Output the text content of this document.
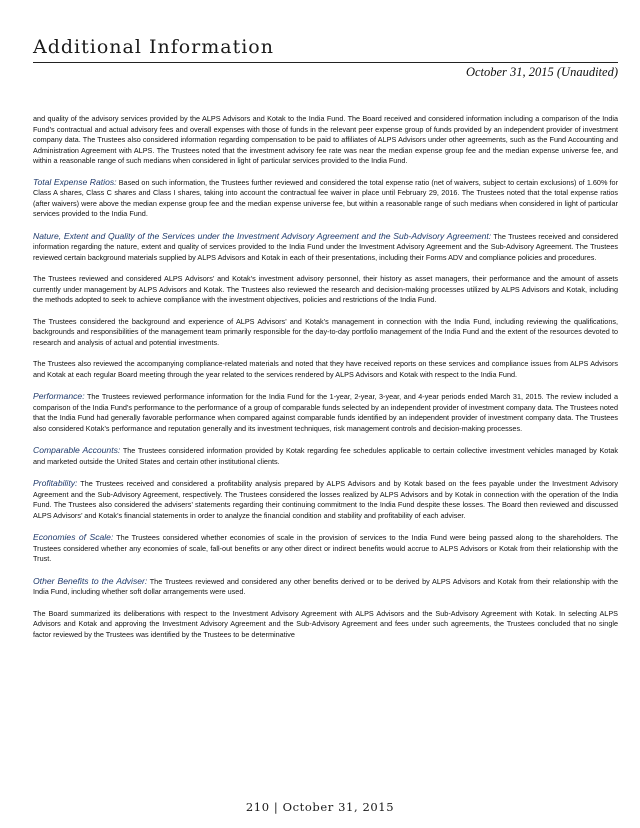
Additional Information
October 31, 2015 (Unaudited)

and quality of the advisory services provided by the ALPS Advisors and Kotak to the India Fund. The Board received and considered information including a comparison of the India Fund’s contractual and actual advisory fees and overall expenses with those of funds in the relevant peer expense group of funds provided by an independent provider of investment company data. The Trustees also considered information regarding compensation to be paid to affiliates of ALPS Advisors under other agreements, such as the Fund Accounting and Administration Agreement with ALPS. The Trustees noted that the investment advisory fee rate was near the median expense group fee and the median expense universe fee, and within a reasonable range of such medians when considered in light of particular services provided to the India Fund.

Total Expense Ratios: Based on such information, the Trustees further reviewed and considered the total expense ratio (net of waivers, subject to certain exclusions) of 1.60% for Class A shares, Class C shares and Class I shares, taking into account the contractual fee waiver in place until February 29, 2016. The Trustees noted that the total expense ratios (after waivers) were above the median expense group fee and the median expense universe fee, but within a reasonable range of such medians when considered in light of particular services provided to the India Fund.

Nature, Extent and Quality of the Services under the Investment Advisory Agreement and the Sub-Advisory Agreement: The Trustees received and considered information regarding the nature, extent and quality of services provided to the India Fund under the Investment Advisory Agreement and the Sub-Advisory Agreement. The Trustees reviewed certain background materials supplied by ALPS Advisors and Kotak in each of their presentations, including their Forms ADV and compliance policies and procedures.

The Trustees reviewed and considered ALPS Advisors’ and Kotak’s investment advisory personnel, their history as asset managers, their performance and the amount of assets currently under management by ALPS Advisors and Kotak. The Trustees also reviewed the research and decision-making processes utilized by ALPS Advisors and Kotak, including the methods adopted to seek to achieve compliance with the investment objectives, policies and restrictions of the India Fund.

The Trustees considered the background and experience of ALPS Advisors’ and Kotak’s management in connection with the India Fund, including reviewing the qualifications, backgrounds and responsibilities of the management team primarily responsible for the day-to-day portfolio management of the India Fund and the extent of the resources devoted to research and analysis of actual and potential investments.

The Trustees also reviewed the accompanying compliance-related materials and noted that they have received reports on these services and compliance issues from ALPS Advisors and Kotak at each regular Board meeting through the year related to the services rendered by ALPS Advisors and Kotak with respect to the India Fund.

Performance: The Trustees reviewed performance information for the India Fund for the 1-year, 2-year, 3-year, and 4-year periods ended March 31, 2015. The review included a comparison of the India Fund’s performance to the performance of a group of comparable funds selected by an independent provider of investment company data. The Trustees noted that the India Fund had generally favorable performance when compared against comparable funds identified by an independent provider of investment company data. The Trustees also considered Kotak’s performance and reputation generally and its investment techniques, risk management controls and decision-making processes.

Comparable Accounts: The Trustees considered information provided by Kotak regarding fee schedules applicable to certain collective investment vehicles managed by Kotak and marketed outside the United States and certain other institutional clients.

Profitability: The Trustees received and considered a profitability analysis prepared by ALPS Advisors and by Kotak based on the fees payable under the Investment Advisory Agreement and the Sub-Advisory Agreement, respectively. The Trustees considered the losses realized by ALPS Advisors and by Kotak in connection with the operation of the India Fund. The Trustees also considered the advisers’ statements regarding their continuing commitment to the India Fund despite these losses. The Board then reviewed and discussed ALPS Advisors’ and Kotak’s financial statements in order to analyze the financial condition and stability and profitability of each adviser.

Economies of Scale: The Trustees considered whether economies of scale in the provision of services to the India Fund were being passed along to the shareholders. The Trustees considered whether any economies of scale, fall-out benefits or any other direct or indirect benefits would accrue to ALPS Advisors or Kotak from their relationship with the Trust.

Other Benefits to the Adviser: The Trustees reviewed and considered any other benefits derived or to be derived by ALPS Advisors and Kotak from their relationship with the India Fund, including whether soft dollar arrangements were used.

The Board summarized its deliberations with respect to the Investment Advisory Agreement with ALPS Advisors and the Sub-Advisory Agreement with Kotak. In selecting ALPS Advisors and Kotak and approving the Investment Advisory Agreement and the Sub-Advisory Agreement and fees under such agreements, the Trustees concluded that no single factor reviewed by the Trustees was identified by the Trustees to be determinative

210 | October 31, 2015
